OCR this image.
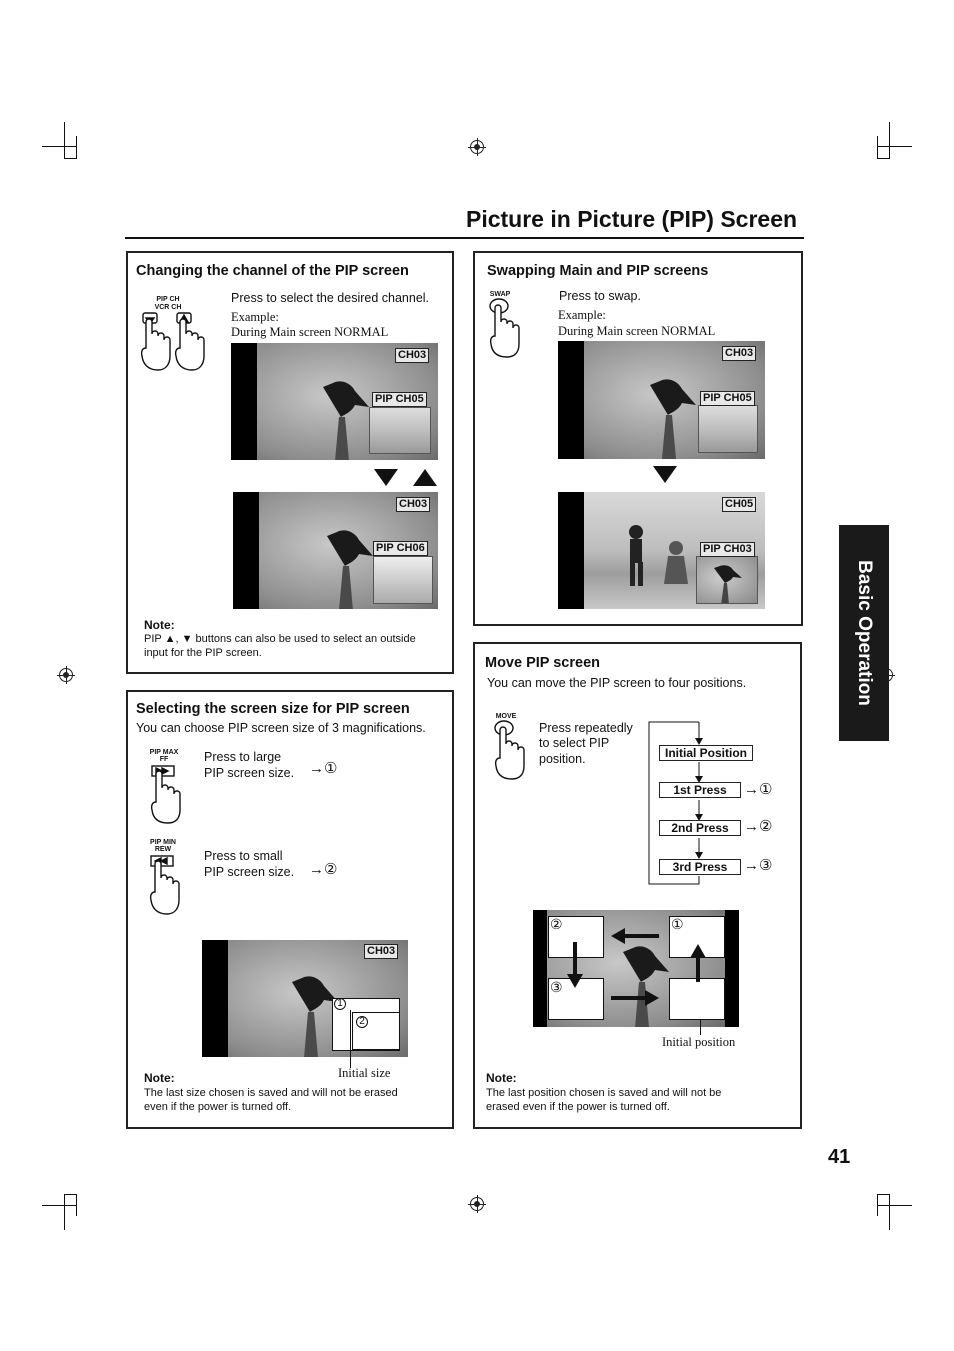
Picture in Picture (PIP) Screen
Basic Operation
Changing the channel of the PIP screen
PIP CH
VCR CH
Press to select the desired channel.
Example:
During Main screen NORMAL
CH03
PIP CH05
CH03
PIP CH06
Note:
PIP ▲, ▼ buttons can also be used to select an outside
input for the PIP screen.
Swapping Main and PIP screens
SWAP	Press to swap.
Example:
During Main screen NORMAL
CH03
PIP CH05
CH05
PIP CH03
Selecting the screen size for PIP screen
You can choose PIP screen size of 3 magnifications.
PIP MAX
FF	Press to large
PIP screen size. →①
PIP MIN
REW	Press to small
PIP screen size. →②
CH03
1
2
Initial size
Note:
The last size chosen is saved and will not be erased
even if the power is turned off.
Move PIP screen
You can move the PIP screen to four positions.
MOVE
Press repeatedly
to select PIP
position.	Initial Position
1st Press
2nd Press
3rd Press
→①
→②
→③
②	①
③
Initial position
Note:
The last position chosen is saved and will not be
erased even if the power is turned off.
41
